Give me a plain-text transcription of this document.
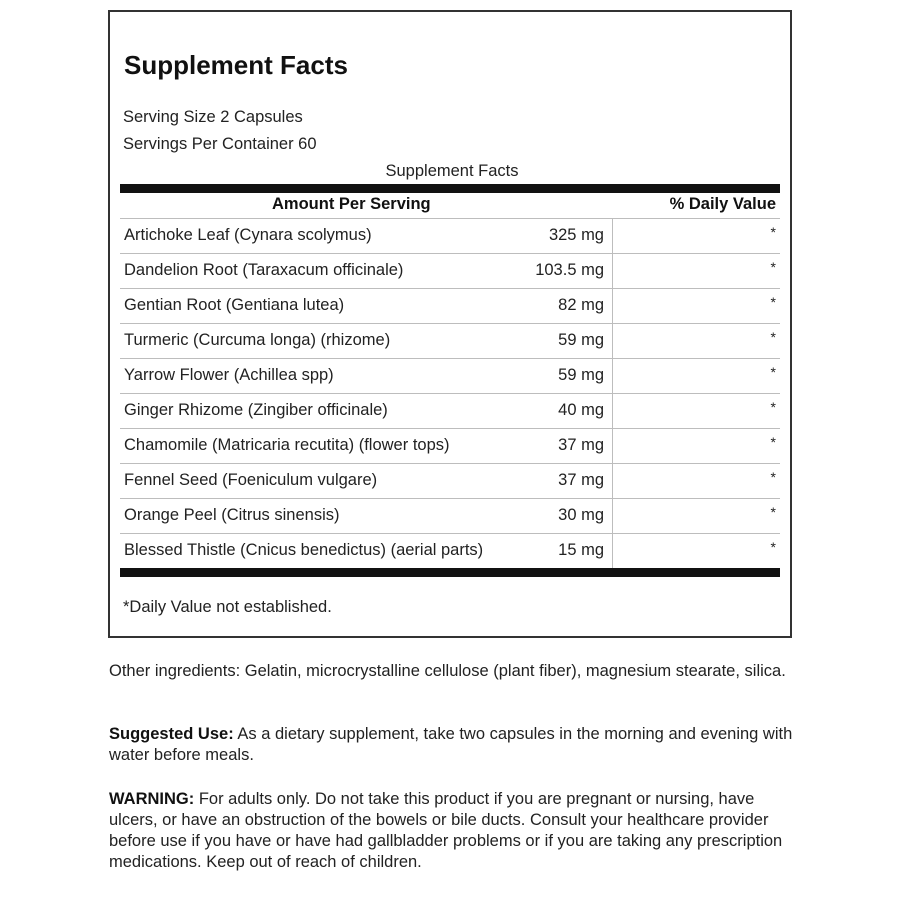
Supplement Facts
Serving Size 2 Capsules
Servings Per Container 60
Supplement Facts
Amount Per Serving	% Daily Value
Artichoke Leaf (Cynara scolymus)	325 mg	*
Dandelion Root (Taraxacum officinale)	103.5 mg	*
Gentian Root (Gentiana lutea)	82 mg	*
Turmeric (Curcuma longa) (rhizome)	59 mg	*
Yarrow Flower (Achillea spp)	59 mg	*
Ginger Rhizome (Zingiber officinale)	40 mg	*
Chamomile (Matricaria recutita) (flower tops)	37 mg	*
Fennel Seed (Foeniculum vulgare)	37 mg	*
Orange Peel (Citrus sinensis)	30 mg	*
Blessed Thistle (Cnicus benedictus) (aerial parts)	15 mg	*
*Daily Value not established.
Other ingredients: Gelatin, microcrystalline cellulose (plant fiber), magnesium stearate, silica.
Suggested Use: As a dietary supplement, take two capsules in the morning and evening with water before meals.
WARNING: For adults only. Do not take this product if you are pregnant or nursing, have ulcers, or have an obstruction of the bowels or bile ducts. Consult your healthcare provider before use if you have or have had gallbladder problems or if you are taking any prescription medications. Keep out of reach of children.
